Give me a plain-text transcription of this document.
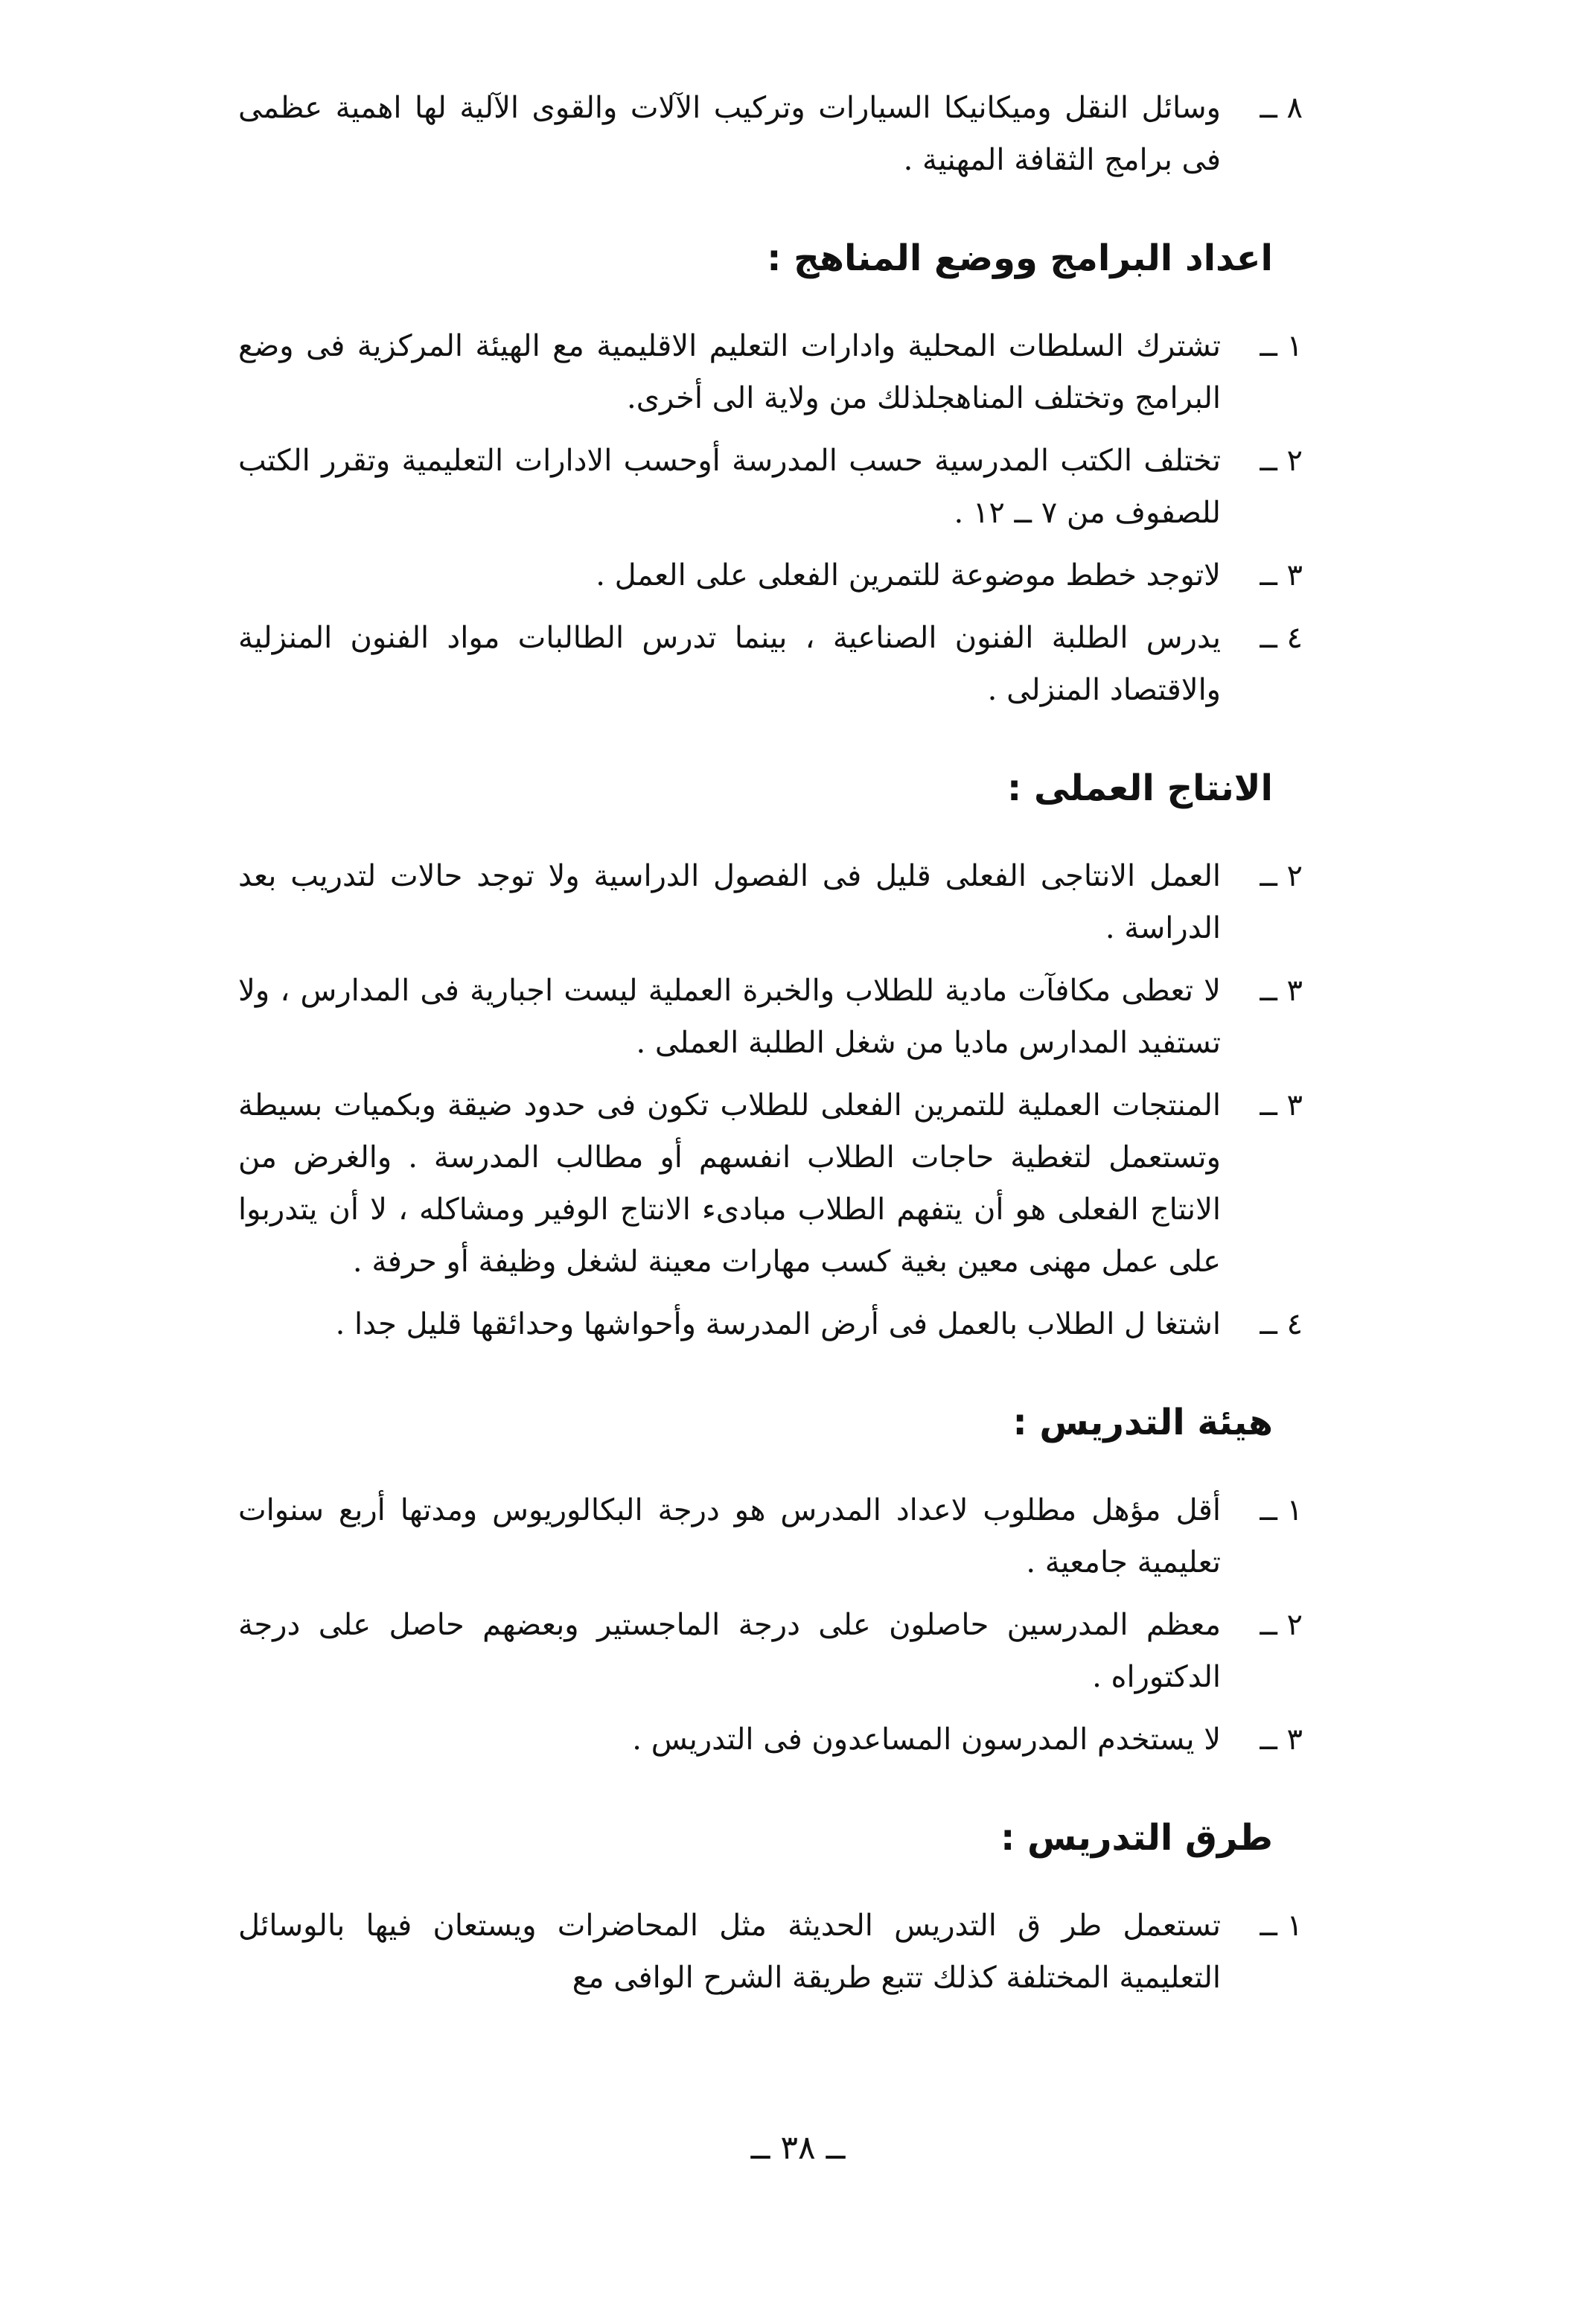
٨ ــ
وسائل النقل وميكانيكا السيارات وتركيب الآلات والقوى الآلية لها اهمية عظمى فى برامج الثقافة المهنية .
اعداد البرامج ووضع المناهج :
١ ــ
تشترك السلطات المحلية وادارات التعليم الاقليمية مع الهيئة المركزية فى وضع البرامج وتختلف المناهجلذلك من ولاية الى أخرى.
٢ ــ
تختلف الكتب المدرسية حسب المدرسة أوحسب الادارات التعليمية وتقرر الكتب للصفوف من ٧ ــ ١٢ .
٣ ــ
لاتوجد خطط موضوعة للتمرين الفعلى على العمل .
٤ ــ
يدرس الطلبة الفنون الصناعية ، بينما تدرس الطالبات مواد الفنون المنزلية والاقتصاد المنزلى .
الانتاج العملى :
٢ ــ
العمل الانتاجى الفعلى قليل فى الفصول الدراسية ولا توجد حالات لتدريب بعد الدراسة .
٣ ــ
لا تعطى مكافآت مادية للطلاب والخبرة العملية ليست اجبارية فى المدارس ، ولا تستفيد المدارس ماديا من شغل الطلبة العملى .
٣ ــ
المنتجات العملية للتمرين الفعلى للطلاب تكون فى حدود ضيقة وبكميات بسيطة وتستعمل لتغطية حاجات الطلاب انفسهم أو مطالب المدرسة . والغرض من الانتاج الفعلى هو أن يتفهم الطلاب مبادىء الانتاج الوفير ومشاكله ، لا أن يتدربوا على عمل مهنى معين بغية كسب مهارات معينة لشغل وظيفة أو حرفة .
٤ ــ
اشتغا ل الطلاب بالعمل فى أرض المدرسة وأحواشها وحدائقها قليل جدا .
هيئة التدريس :
١ ــ
أقل مؤهل مطلوب لاعداد المدرس هو درجة البكالوريوس ومدتها أربع سنوات تعليمية جامعية .
٢ ــ
معظم المدرسين حاصلون على درجة الماجستير وبعضهم حاصل على درجة الدكتوراه .
٣ ــ
لا يستخدم المدرسون المساعدون فى التدريس .
طرق التدريس :
١ ــ
تستعمل طر ق التدريس الحديثة مثل المحاضرات ويستعان فيها بالوسائل التعليمية المختلفة كذلك تتبع طريقة الشرح الوافى مع
ــ ٣٨ ــ
